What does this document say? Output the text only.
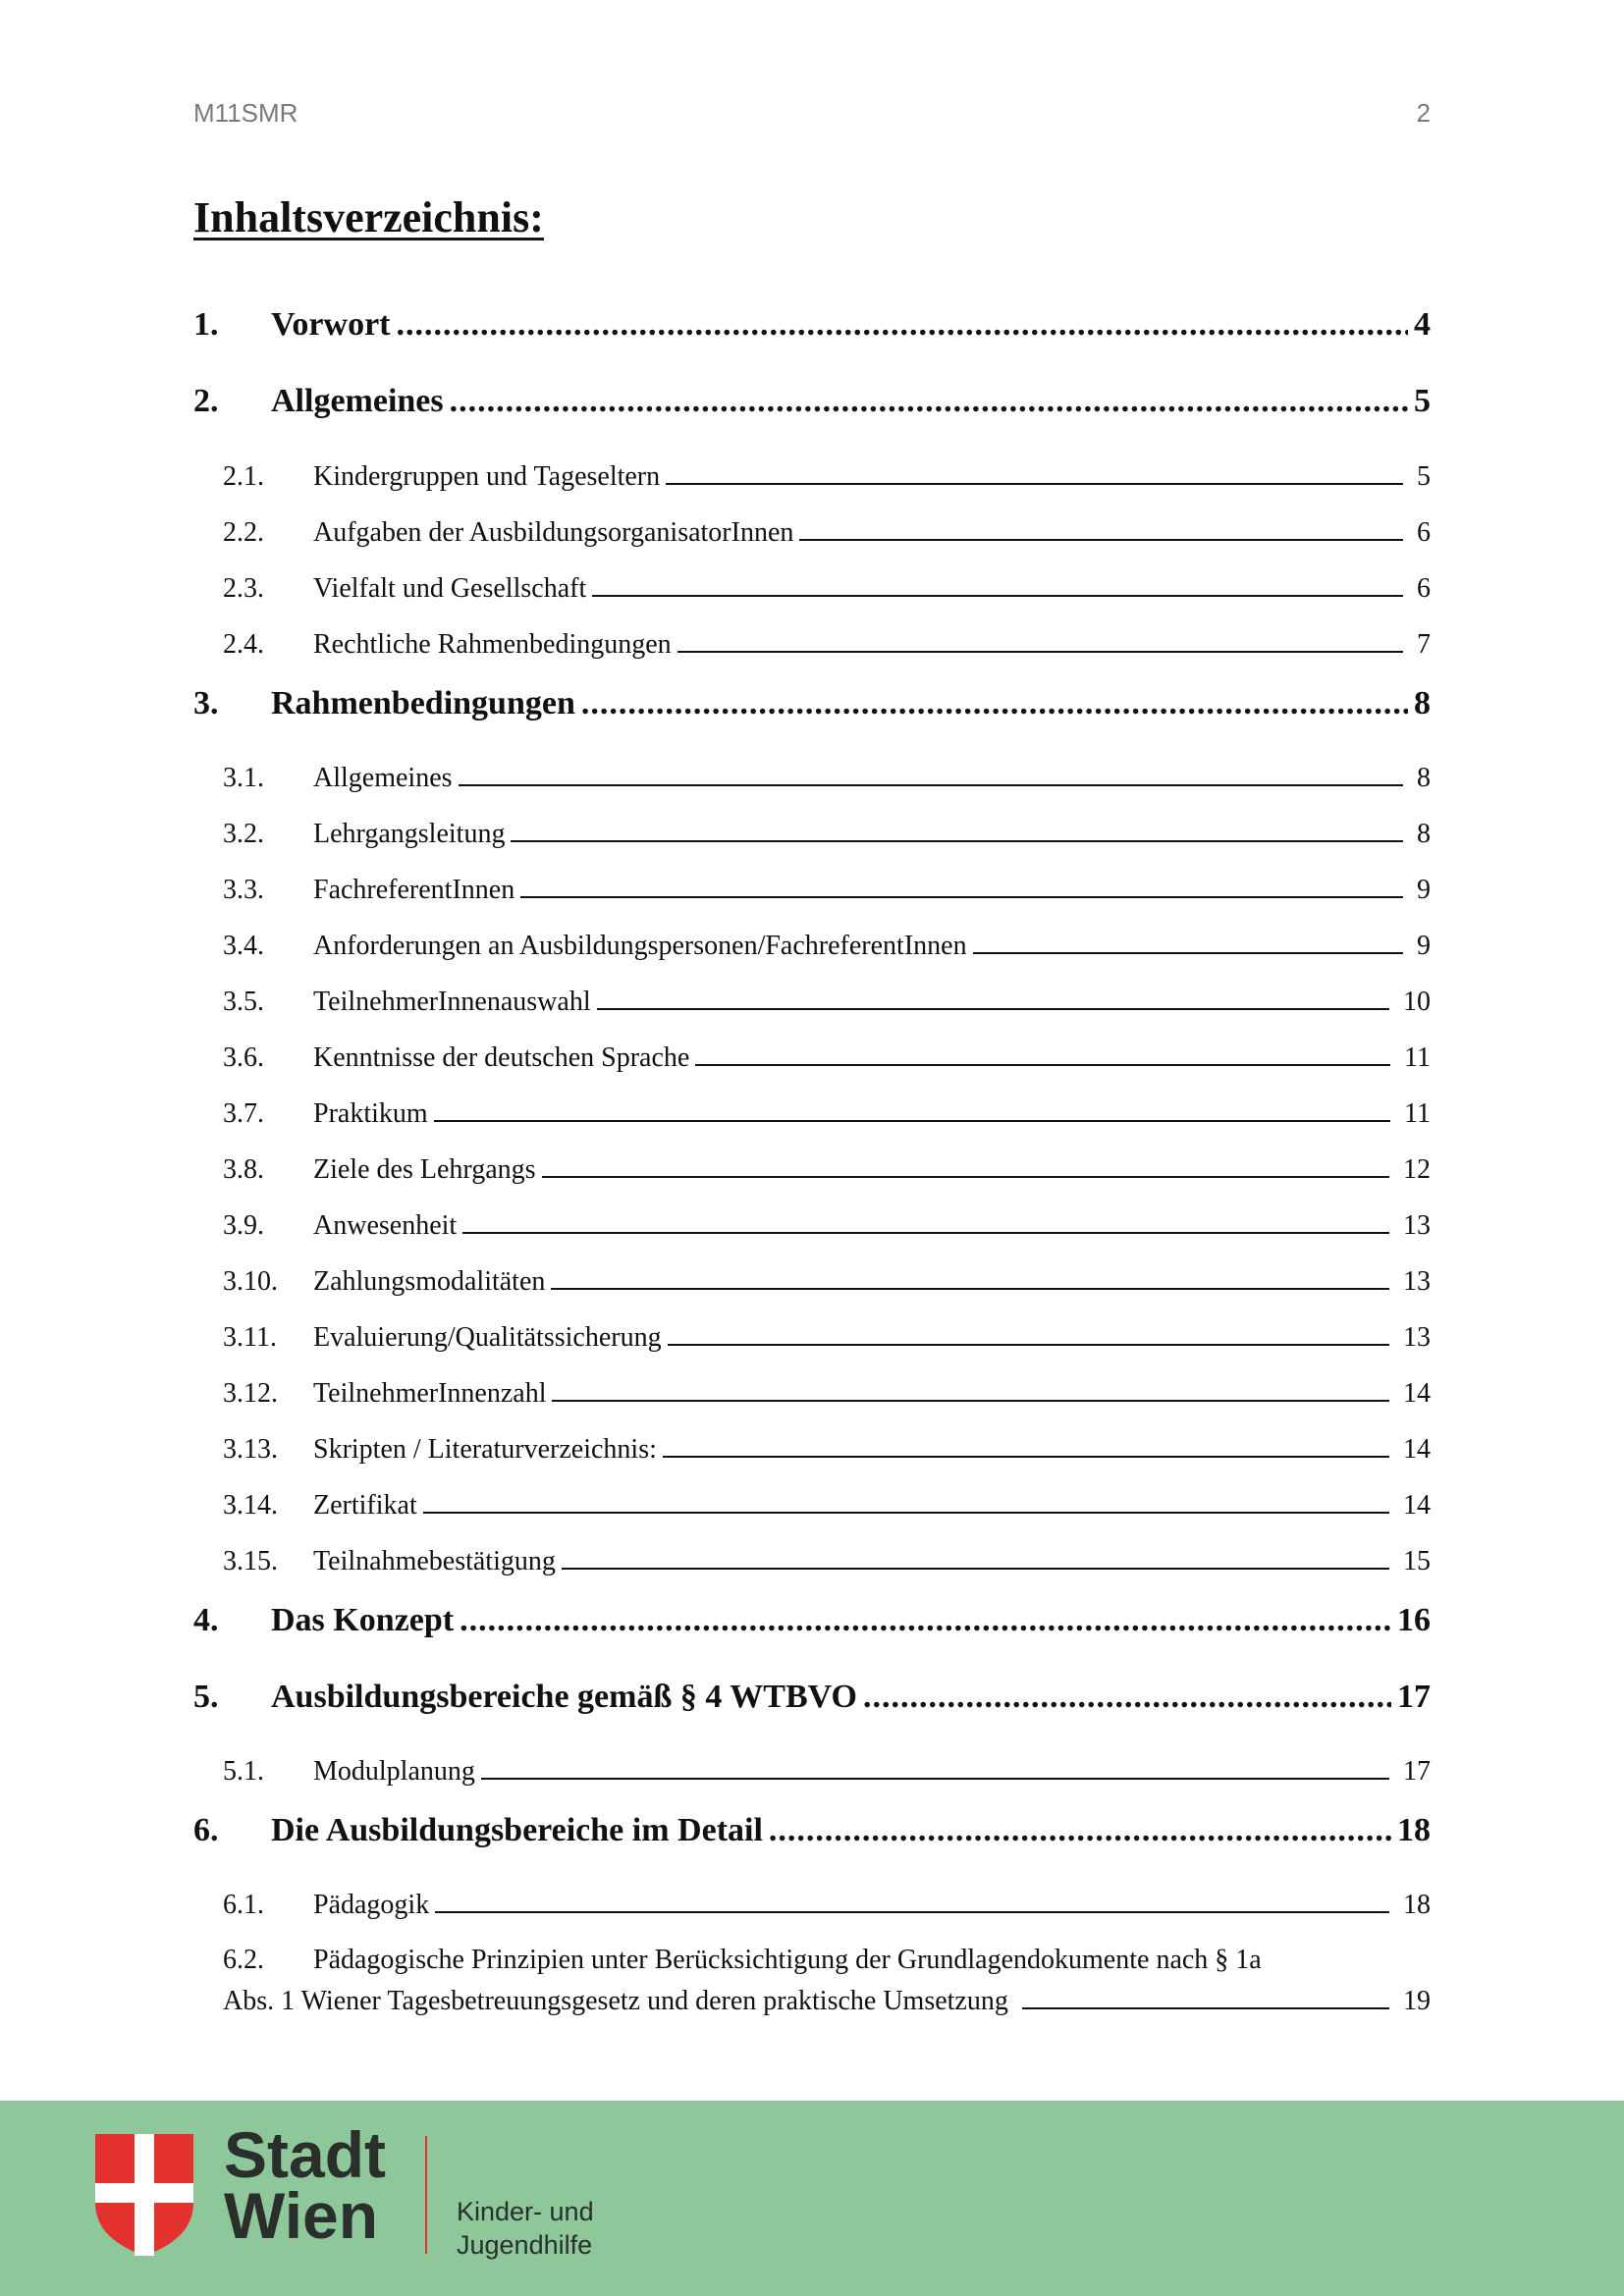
M11SMR	2
Inhaltsverzeichnis:
1.	Vorwort .....	4
2.	Allgemeines .....	5
2.1.	Kindergruppen und Tageseltern	5
2.2.	Aufgaben der AusbildungsorganisatorInnen	6
2.3.	Vielfalt und Gesellschaft	6
2.4.	Rechtliche Rahmenbedingungen	7
3.	Rahmenbedingungen .....	8
3.1.	Allgemeines	8
3.2.	Lehrgangsleitung	8
3.3.	FachreferentInnen	9
3.4.	Anforderungen an Ausbildungspersonen/FachreferentInnen	9
3.5.	TeilnehmerInnenauswahl	10
3.6.	Kenntnisse der deutschen Sprache	11
3.7.	Praktikum	11
3.8.	Ziele des Lehrgangs	12
3.9.	Anwesenheit	13
3.10.	Zahlungsmodalitäten	13
3.11.	Evaluierung/Qualitätssicherung	13
3.12.	TeilnehmerInnenzahl	14
3.13.	Skripten / Literaturverzeichnis:	14
3.14.	Zertifikat	14
3.15.	Teilnahmebestätigung	15
4.	Das Konzept .....	16
5.	Ausbildungsbereiche gemäß § 4 WTBVO .....	17
5.1.	Modulplanung	17
6.	Die Ausbildungsbereiche im Detail .....	18
6.1.	Pädagogik	18
6.2. Pädagogische Prinzipien unter Berücksichtigung der Grundlagendokumente nach § 1a
Abs. 1 Wiener Tagesbetreuungsgesetz und deren praktische Umsetzung	19
Stadt
Wien	Kinder- und
Jugendhilfe
